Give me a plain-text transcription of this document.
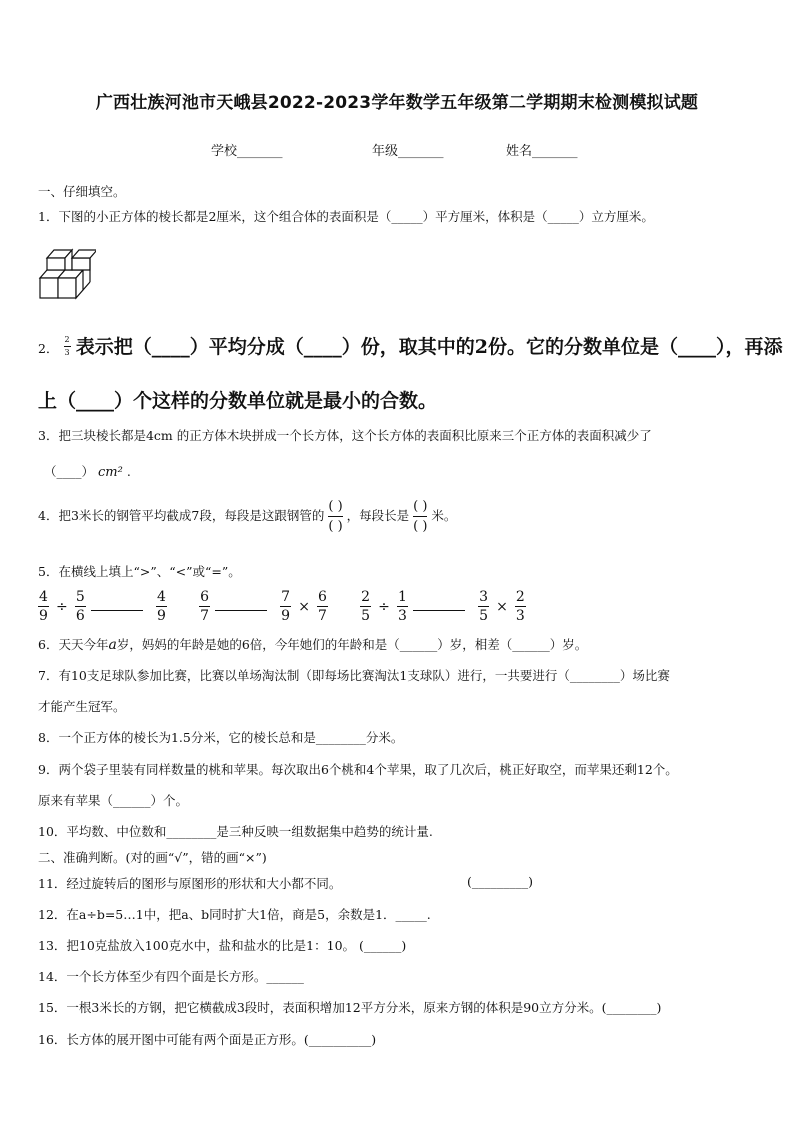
广西壮族河池市天峨县2022-2023学年数学五年级第二学期期末检测模拟试题
学校_______	年级_______	姓名_______
一、仔细填空。
1．下图的小正方体的棱长都是2厘米，这个组合体的表面积是（_____）平方厘米，体积是（_____）立方厘米。
2． $\frac{2}{3}$ 表示把（____）平均分成（____）份，取其中的2份。它的分数单位是（____），再添
上（____）个这样的分数单位就是最小的合数。
3．把三块棱长都是4cm 的正方体木块拼成一个长方体，这个长方体的表面积比原来三个正方体的表面积减少了
（____） cm² .
4．把3米长的钢管平均截成7段，每段是这跟钢管的 $\frac{( )}{( )}$ ，每段长是 $\frac{( )}{( )}$ 米。
5．在横线上填上“>”、“<”或“=”。
$\frac{4}{9} \div \frac{5}{6}$
	$\frac{4}{9}$
$\frac{6}{7}$
	$\frac{7}{9} \times \frac{6}{7}$
$\frac{2}{5} \div \frac{1}{3}$
	$\frac{3}{5} \times \frac{2}{3}$
6．天天今年a岁，妈妈的年龄是她的6倍，今年她们的年龄和是（______）岁，相差（______）岁。
7．有10支足球队参加比赛，比赛以单场淘汰制（即每场比赛淘汰1支球队）进行，一共要进行（________）场比赛
才能产生冠军。
8．一个正方体的棱长为1.5分米，它的棱长总和是________分米。
9．两个袋子里装有同样数量的桃和苹果。每次取出6个桃和4个苹果，取了几次后，桃正好取空，而苹果还剩12个。
原来有苹果（______）个。
10．平均数、中位数和________是三种反映一组数据集中趋势的统计量.
二、准确判断。(对的画“√”，错的画“×”)
11．经过旋转后的图形与原图形的形状和大小都不同。	(_________)
12．在a÷b=5…1中，把a、b同时扩大1倍，商是5，余数是1．_____.
13．把10克盐放入100克水中，盐和盐水的比是1：10。 (______)
14．一个长方体至少有四个面是长方形。______
15．一根3米长的方钢，把它横截成3段时，表面积增加12平方分米，原来方钢的体积是90立方分米。(________)
16．长方体的展开图中可能有两个面是正方形。(__________)
